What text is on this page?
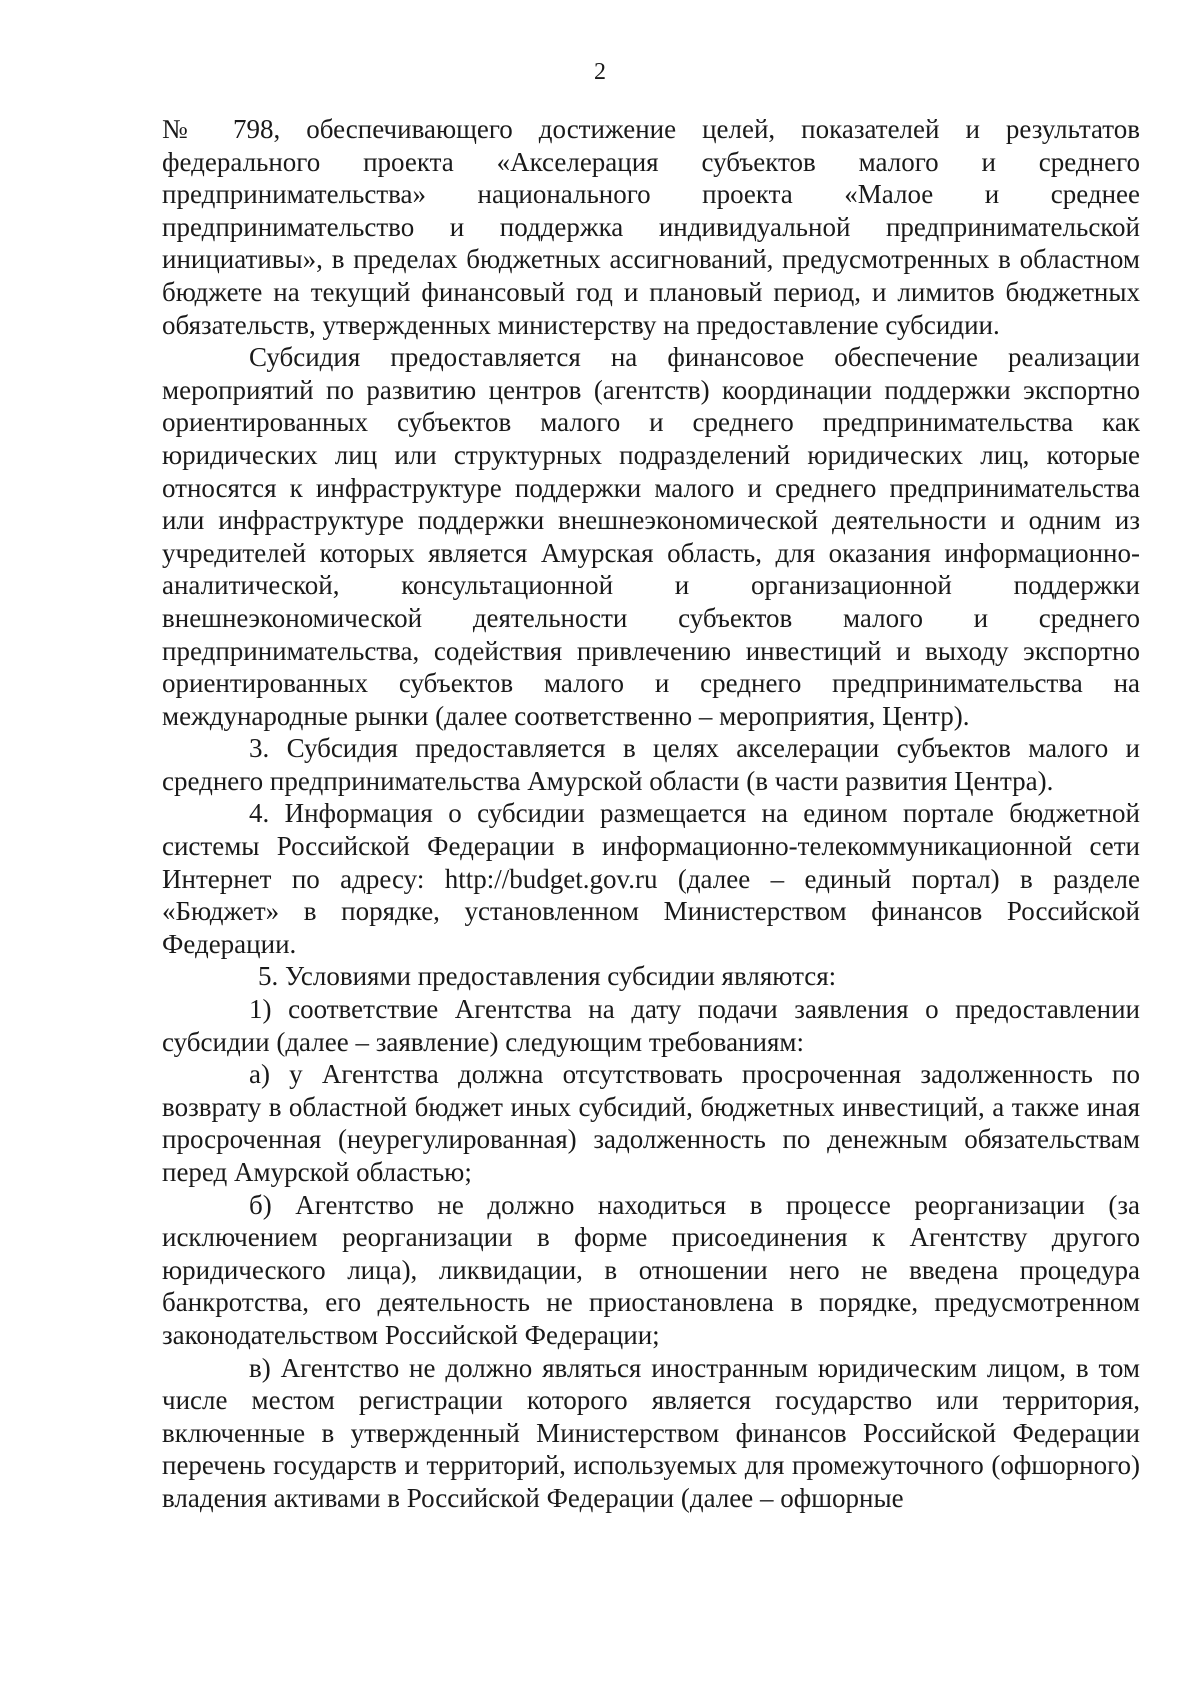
2

№ 798, обеспечивающего достижение целей, показателей и результатов федерального проекта «Акселерация субъектов малого и среднего предпринимательства» национального проекта «Малое и среднее предпринимательство и поддержка индивидуальной предпринимательской инициативы», в пределах бюджетных ассигнований, предусмотренных в областном бюджете на текущий финансовый год и плановый период, и лимитов бюджетных обязательств, утвержденных министерству на предоставление субсидии.

Субсидия предоставляется на финансовое обеспечение реализации мероприятий по развитию центров (агентств) координации поддержки экспортно ориентированных субъектов малого и среднего предпринимательства как юридических лиц или структурных подразделений юридических лиц, которые относятся к инфраструктуре поддержки малого и среднего предпринимательства или инфраструктуре поддержки внешнеэкономической деятельности и одним из учредителей которых является Амурская область, для оказания информационно-аналитической, консультационной и организационной поддержки внешнеэкономической деятельности субъектов малого и среднего предпринимательства, содействия привлечению инвестиций и выходу экспортно ориентированных субъектов малого и среднего предпринимательства на международные рынки (далее соответственно – мероприятия, Центр).

3. Субсидия предоставляется в целях акселерации субъектов малого и среднего предпринимательства Амурской области (в части развития Центра).

4. Информация о субсидии размещается на едином портале бюджетной системы Российской Федерации в информационно-телекоммуникационной сети Интернет по адресу: http://budget.gov.ru (далее – единый портал) в разделе «Бюджет» в порядке, установленном Министерством финансов Российской Федерации.

5. Условиями предоставления субсидии являются:

1) соответствие Агентства на дату подачи заявления о предоставлении субсидии (далее – заявление) следующим требованиям:

а) у Агентства должна отсутствовать просроченная задолженность по возврату в областной бюджет иных субсидий, бюджетных инвестиций, а также иная просроченная (неурегулированная) задолженность по денежным обязательствам перед Амурской областью;

б) Агентство не должно находиться в процессе реорганизации (за исключением реорганизации в форме присоединения к Агентству другого юридического лица), ликвидации, в отношении него не введена процедура банкротства, его деятельность не приостановлена в порядке, предусмотренном законодательством Российской Федерации;

в) Агентство не должно являться иностранным юридическим лицом, в том числе местом регистрации которого является государство или территория, включенные в утвержденный Министерством финансов Российской Федерации перечень государств и территорий, используемых для промежуточного (офшорного) владения активами в Российской Федерации (далее – офшорные
